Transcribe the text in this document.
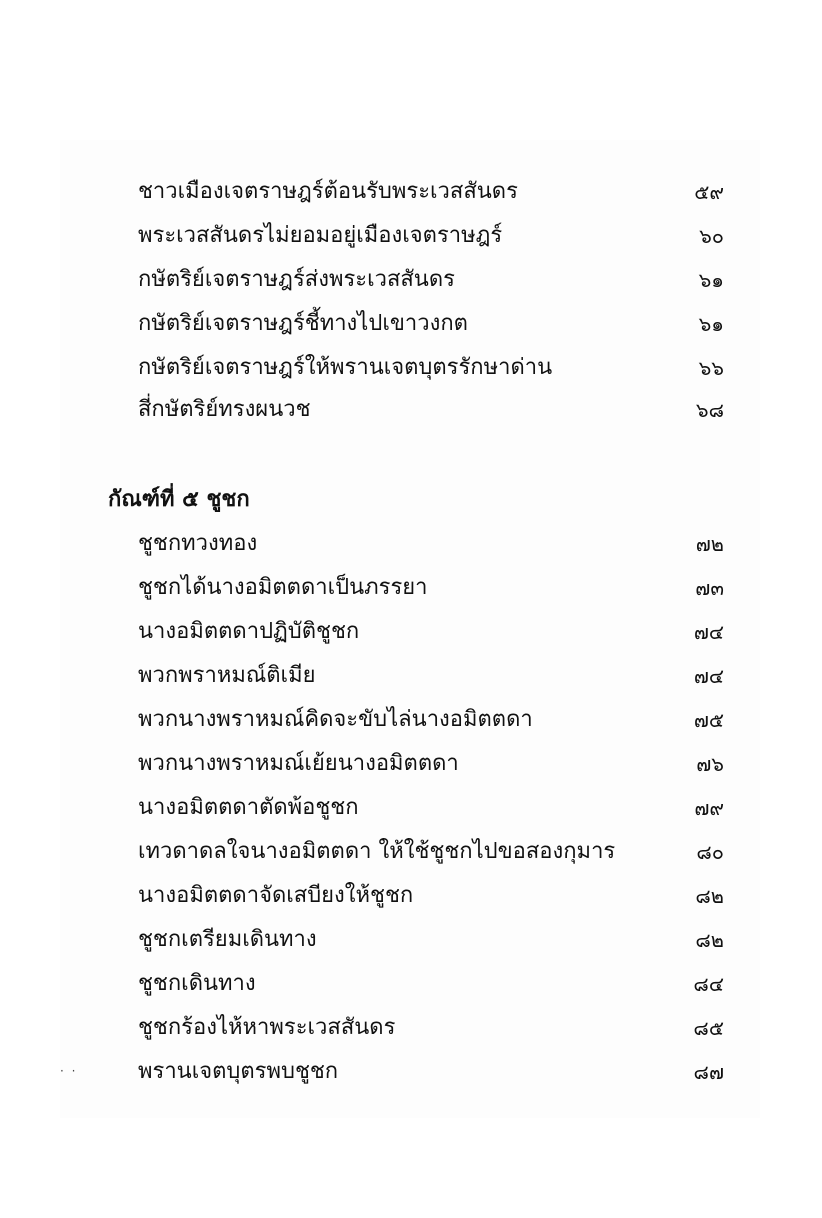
ชาวเมืองเจตราษฎร์ต้อนรับพระเวสสันดร	๕๙
พระเวสสันดรไม่ยอมอยู่เมืองเจตราษฎร์	๖๐
กษัตริย์เจตราษฎร์ส่งพระเวสสันดร	๖๑
กษัตริย์เจตราษฎร์ชี้ทางไปเขาวงกต	๖๑
กษัตริย์เจตราษฎร์ให้พรานเจตบุตรรักษาด่าน	๖๖
สี่กษัตริย์ทรงผนวช	๖๘
กัณฑ์ที่ ๕ ชูชก
ชูชกทวงทอง	๗๒
ชูชกได้นางอมิตตดาเป็นภรรยา	๗๓
นางอมิตตดาปฏิบัติชูชก	๗๔
พวกพราหมณ์ติเมีย	๗๔
พวกนางพราหมณ์คิดจะขับไล่นางอมิตตดา	๗๕
พวกนางพราหมณ์เย้ยนางอมิตตดา	๗๖
นางอมิตตดาตัดพ้อชูชก	๗๙
เทวดาดลใจนางอมิตตดา ให้ใช้ชูชกไปขอสองกุมาร	๘๐
นางอมิตตดาจัดเสบียงให้ชูชก	๘๒
ชูชกเตรียมเดินทาง	๘๒
ชูชกเดินทาง	๘๔
ชูชกร้องไห้หาพระเวสสันดร	๘๕
พรานเจตบุตรพบชูชก	๘๗
· ·
